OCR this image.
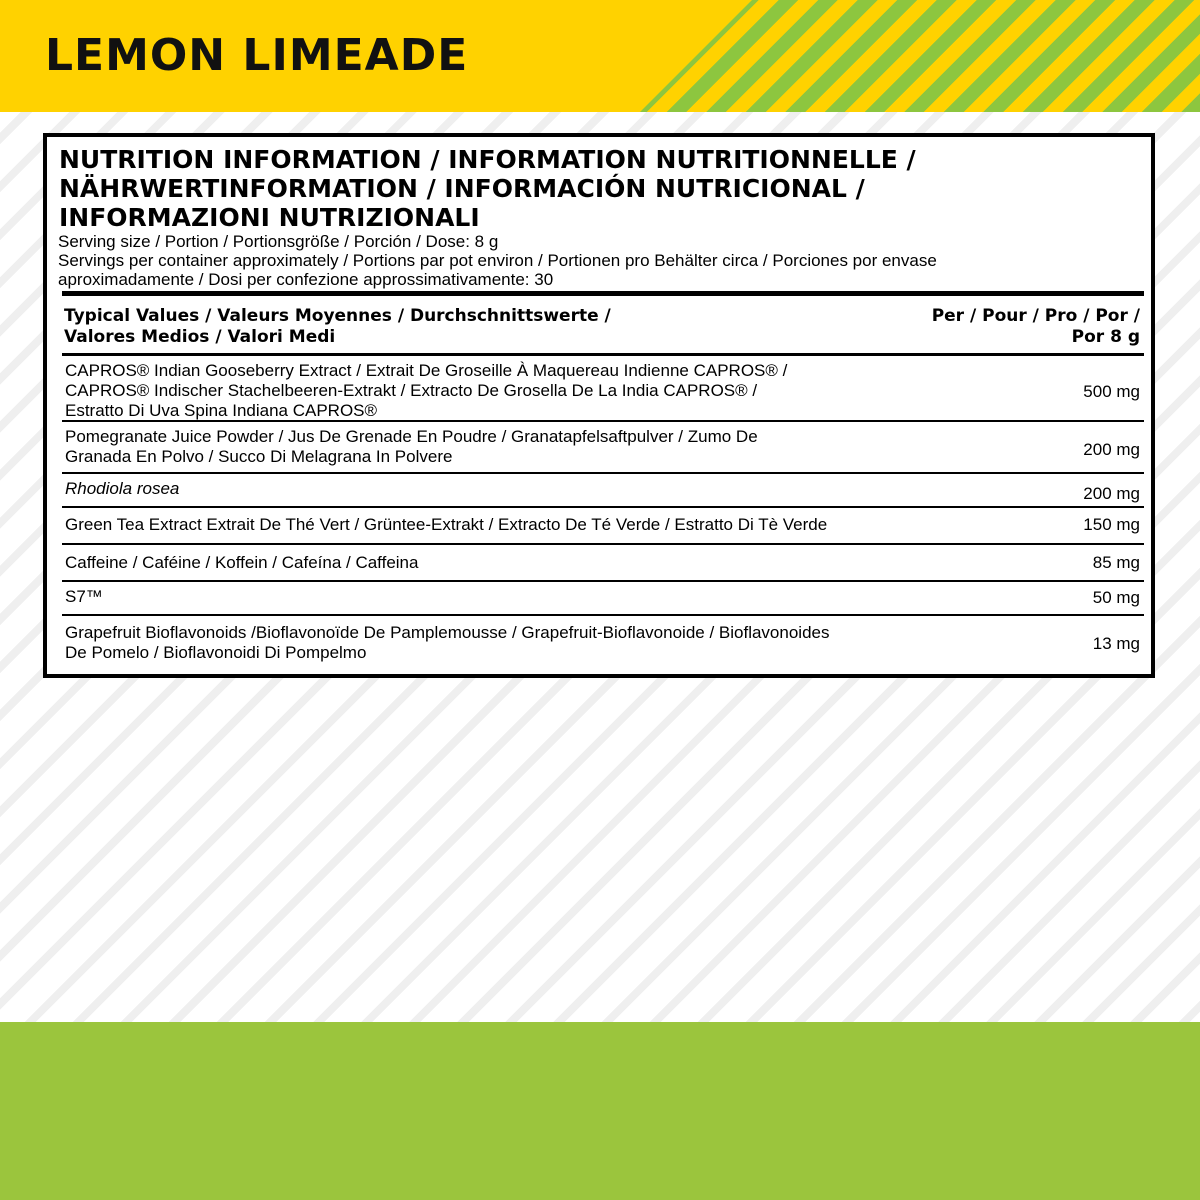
LEMON LIMEADE
NUTRITION INFORMATION / INFORMATION NUTRITIONNELLE /
NÄHRWERTINFORMATION / INFORMACIÓN NUTRICIONAL /
INFORMAZIONI NUTRIZIONALI
Serving size / Portion / Portionsgröße / Porción / Dose: 8 g
Servings per container approximately / Portions par pot environ / Portionen pro Behälter circa / Porciones por envase
aproximadamente / Dosi per confezione approssimativamente: 30
Typical Values / Valeurs Moyennes / Durchschnittswerte /
Valores Medios / Valori Medi
Per / Pour / Pro / Por /
Por 8 g
CAPROS® Indian Gooseberry Extract / Extrait De Groseille À Maquereau Indienne CAPROS® /
CAPROS® Indischer Stachelbeeren-Extrakt / Extracto De Grosella De La India CAPROS® /
Estratto Di Uva Spina Indiana CAPROS®
500 mg
Pomegranate Juice Powder / Jus De Grenade En Poudre / Granatapfelsaftpulver / Zumo De
Granada En Polvo / Succo Di Melagrana In Polvere	200 mg
Rhodiola rosea	200 mg
Green Tea Extract Extrait De Thé Vert / Grüntee-Extrakt / Extracto De Té Verde / Estratto Di Tè Verde	150 mg
Caffeine / Caféine / Koffein / Cafeína / Caffeina	85 mg
S7™	50 mg
Grapefruit Bioflavonoids /Bioflavonoïde De Pamplemousse / Grapefruit-Bioflavonoide / Bioflavonoides
De Pomelo / Bioflavonoidi Di Pompelmo	13 mg
